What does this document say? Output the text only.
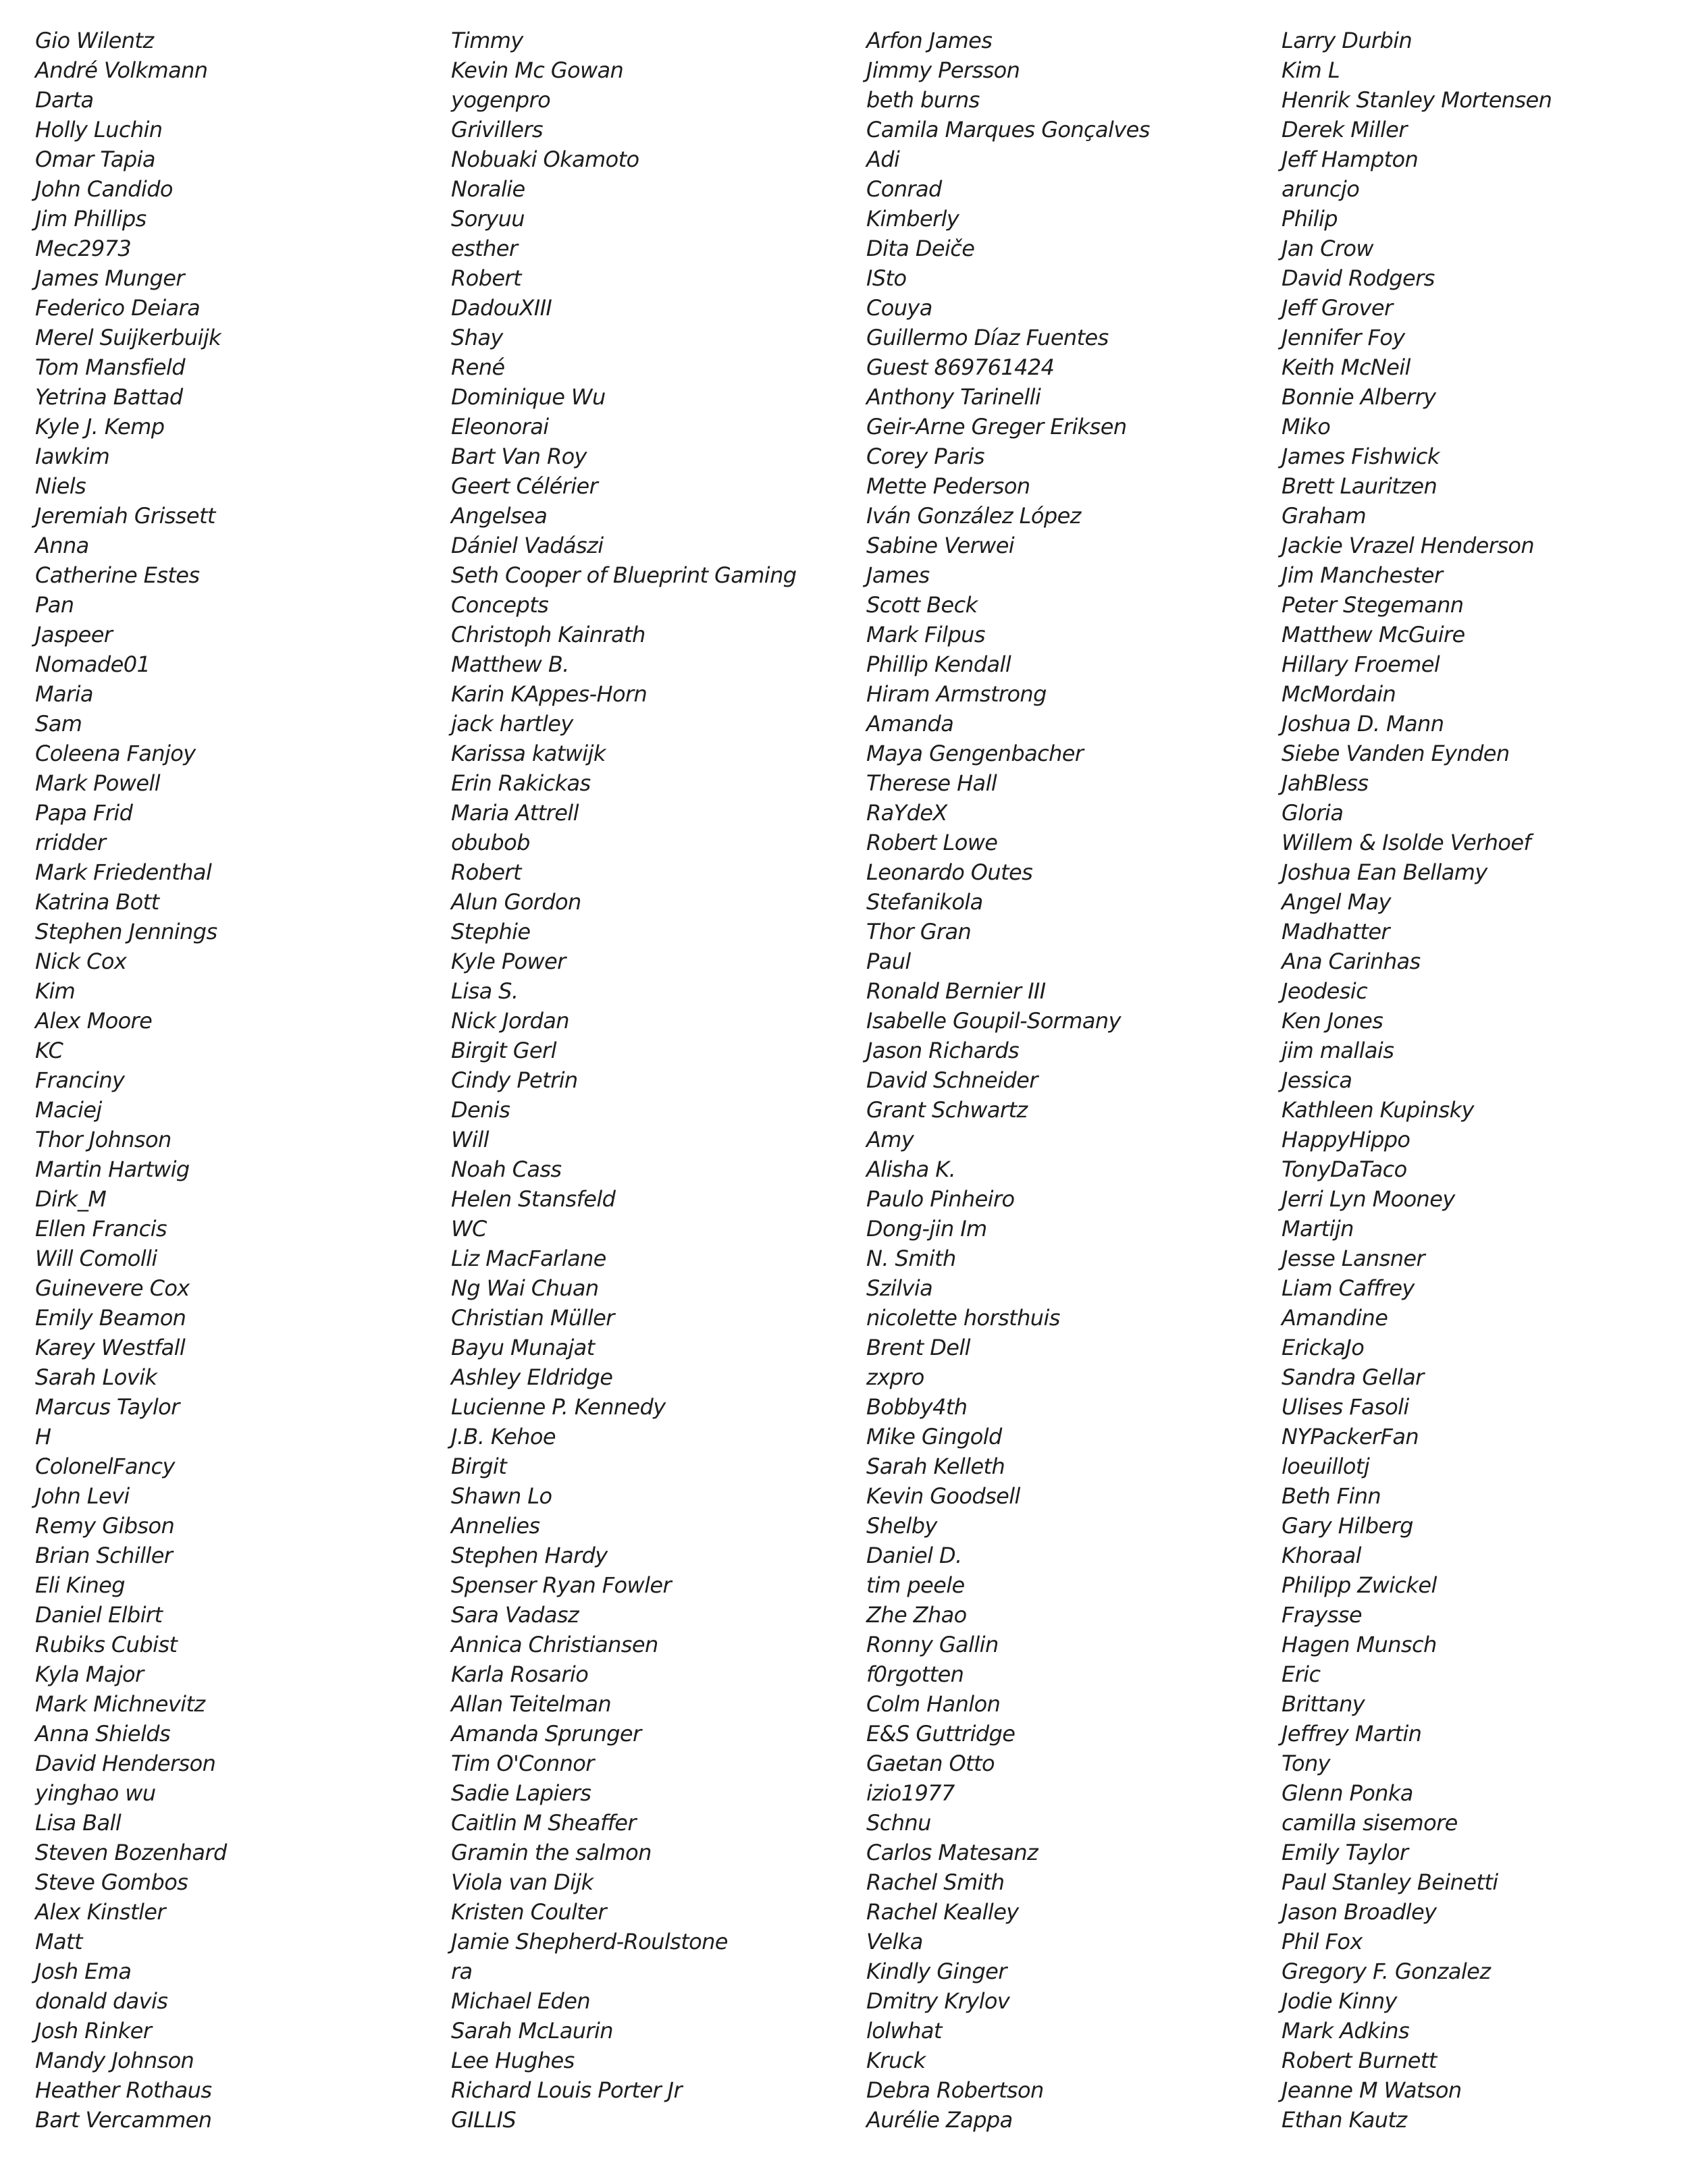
Gio Wilentz
André Volkmann
Darta
Holly Luchin
Omar Tapia
John Candido
Jim Phillips
Mec2973
James Munger
Federico Deiara
Merel Suijkerbuijk
Tom Mansfield
Yetrina Battad
Kyle J. Kemp
Iawkim
Niels
Jeremiah Grissett
Anna
Catherine Estes
Pan
Jaspeer
Nomade01
Maria
Sam
Coleena Fanjoy
Mark Powell
Papa Frid
rridder
Mark Friedenthal
Katrina Bott
Stephen Jennings
Nick Cox
Kim
Alex Moore
KC
Franciny
Maciej
Thor Johnson
Martin Hartwig
Dirk_M
Ellen Francis
Will Comolli
Guinevere Cox
Emily Beamon
Karey Westfall
Sarah Lovik
Marcus Taylor
H
ColonelFancy
John Levi
Remy Gibson
Brian Schiller
Eli Kineg
Daniel Elbirt
Rubiks Cubist
Kyla Major
Mark Michnevitz
Anna Shields
David Henderson
yinghao wu
Lisa Ball
Steven Bozenhard
Steve Gombos
Alex Kinstler
Matt
Josh Ema
donald davis
Josh Rinker
Mandy Johnson
Heather Rothaus
Bart Vercammen
Timmy
Kevin Mc Gowan
yogenpro
Grivillers
Nobuaki Okamoto
Noralie
Soryuu
esther
Robert
DadouXIII
Shay
René
Dominique Wu
Eleonorai
Bart Van Roy
Geert Célérier
Angelsea
Dániel Vadászi
Seth Cooper of Blueprint Gaming
Concepts
Christoph Kainrath
Matthew B.
Karin KAppes-Horn
jack hartley
Karissa katwijk
Erin Rakickas
Maria Attrell
obubob
Robert
Alun Gordon
Stephie
Kyle Power
Lisa S.
Nick Jordan
Birgit Gerl
Cindy Petrin
Denis
Will
Noah Cass
Helen Stansfeld
WC
Liz MacFarlane
Ng Wai Chuan
Christian Müller
Bayu Munajat
Ashley Eldridge
Lucienne P. Kennedy
J.B. Kehoe
Birgit
Shawn Lo
Annelies
Stephen Hardy
Spenser Ryan Fowler
Sara Vadasz
Annica Christiansen
Karla Rosario
Allan Teitelman
Amanda Sprunger
Tim O'Connor
Sadie Lapiers
Caitlin M Sheaffer
Gramin the salmon
Viola van Dijk
Kristen Coulter
Jamie Shepherd-Roulstone
ra
Michael Eden
Sarah McLaurin
Lee Hughes
Richard Louis Porter Jr
GILLIS
Arfon James
Jimmy Persson
beth burns
Camila Marques Gonçalves
Adi
Conrad
Kimberly
Dita Deiče
ISto
Couya
Guillermo Díaz Fuentes
Guest 869761424
Anthony Tarinelli
Geir-Arne Greger Eriksen
Corey Paris
Mette Pederson
Iván González López
Sabine Verwei
James
Scott Beck
Mark Filpus
Phillip Kendall
Hiram Armstrong
Amanda
Maya Gengenbacher
Therese Hall
RaYdeX
Robert Lowe
Leonardo Outes
Stefanikola
Thor Gran
Paul
Ronald Bernier III
Isabelle Goupil-Sormany
Jason Richards
David Schneider
Grant Schwartz
Amy
Alisha K.
Paulo Pinheiro
Dong-jin Im
N. Smith
Szilvia
nicolette horsthuis
Brent Dell
zxpro
Bobby4th
Mike Gingold
Sarah Kelleth
Kevin Goodsell
Shelby
Daniel D.
tim peele
Zhe Zhao
Ronny Gallin
f0rgotten
Colm Hanlon
E&S Guttridge
Gaetan Otto
izio1977
Schnu
Carlos Matesanz
Rachel Smith
Rachel Kealley
Velka
Kindly Ginger
Dmitry Krylov
lolwhat
Kruck
Debra Robertson
Aurélie Zappa
Larry Durbin
Kim L
Henrik Stanley Mortensen
Derek Miller
Jeff Hampton
aruncjo
Philip
Jan Crow
David Rodgers
Jeff Grover
Jennifer Foy
Keith McNeil
Bonnie Alberry
Miko
James Fishwick
Brett Lauritzen
Graham
Jackie Vrazel Henderson
Jim Manchester
Peter Stegemann
Matthew McGuire
Hillary Froemel
McMordain
Joshua D. Mann
Siebe Vanden Eynden
JahBless
Gloria
Willem & Isolde Verhoef
Joshua Ean Bellamy
Angel May
Madhatter
Ana Carinhas
Jeodesic
Ken Jones
jim mallais
Jessica
Kathleen Kupinsky
HappyHippo
TonyDaTaco
Jerri Lyn Mooney
Martijn
Jesse Lansner
Liam Caffrey
Amandine
ErickaJo
Sandra Gellar
Ulises Fasoli
NYPackerFan
loeuillotj
Beth Finn
Gary Hilberg
Khoraal
Philipp Zwickel
Fraysse
Hagen Munsch
Eric
Brittany
Jeffrey Martin
Tony
Glenn Ponka
camilla sisemore
Emily Taylor
Paul Stanley Beinetti
Jason Broadley
Phil Fox
Gregory F. Gonzalez
Jodie Kinny
Mark Adkins
Robert Burnett
Jeanne M Watson
Ethan Kautz
